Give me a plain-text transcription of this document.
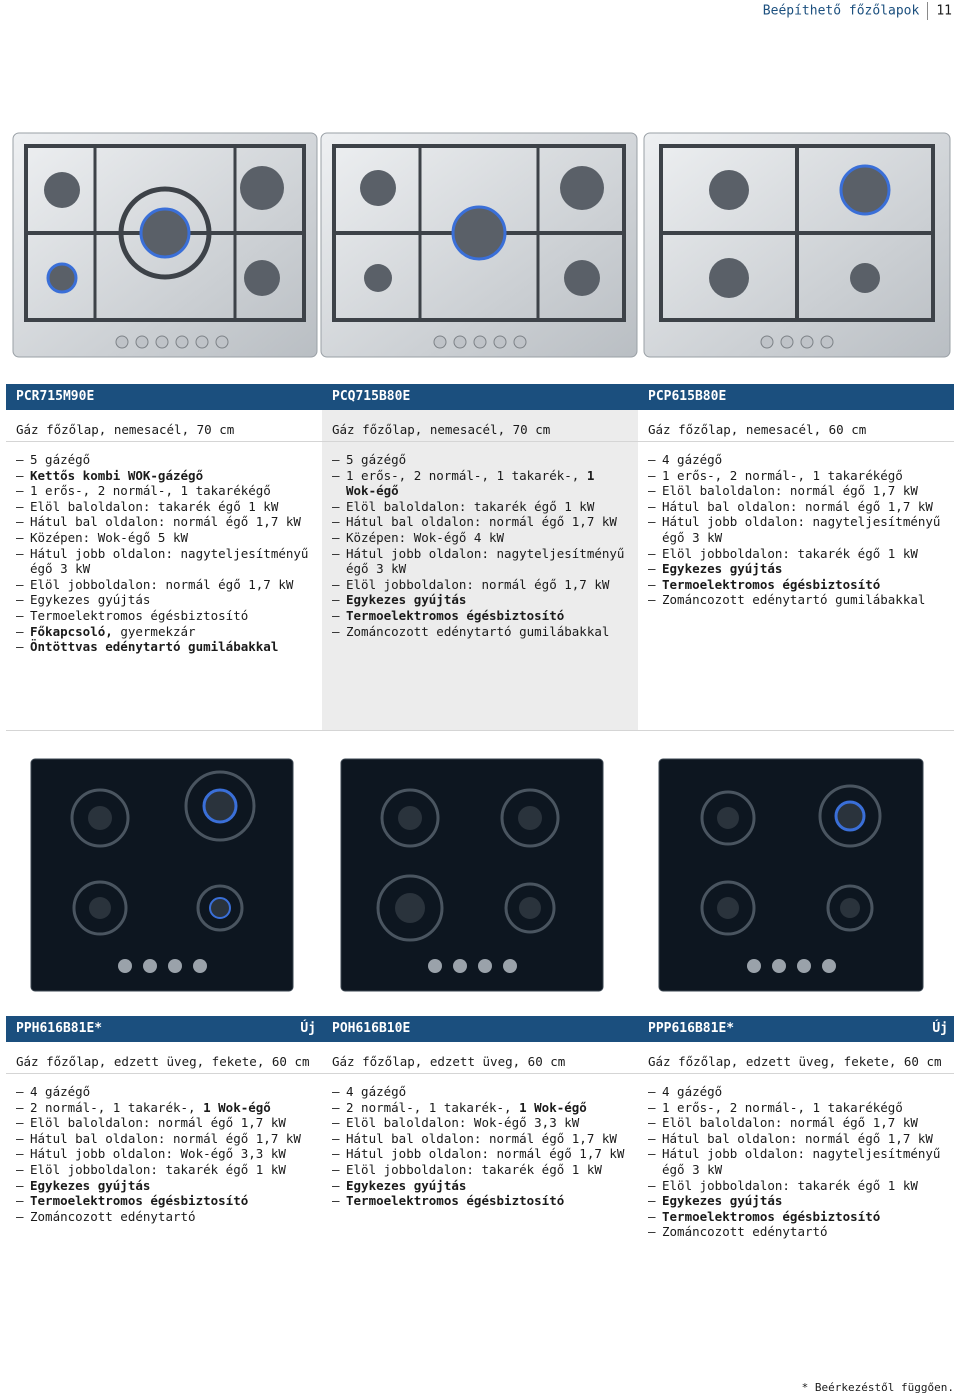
Beépíthető főzőlapok 11
PCR715M90E
Gáz főzőlap, nemesacél, 70 cm
– 5 gázégő
– Kettős kombi WOK-gázégő
– 1 erős-, 2 normál-, 1 takarékégő
– Elöl baloldalon: takarék égő 1 kW
– Hátul bal oldalon: normál égő 1,7 kW
– Középen: Wok-égő 5 kW
– Hátul jobb oldalon: nagyteljesítményű
égő 3 kW
– Elöl jobboldalon: normál égő 1,7 kW
– Egykezes gyújtás
– Termoelektromos égésbiztosító
– Főkapcsoló, gyermekzár
– Öntöttvas edénytartó gumilábakkal
PCQ715B80E
Gáz főzőlap, nemesacél, 70 cm
– 5 gázégő
– 1 erős-, 2 normál-, 1 takarék-, 1 Wok-égő
– Elöl baloldalon: takarék égő 1 kW
– Hátul bal oldalon: normál égő 1,7 kW
– Középen: Wok-égő 4 kW
– Hátul jobb oldalon: nagyteljesítményű
égő 3 kW
– Elöl jobboldalon: normál égő 1,7 kW
– Egykezes gyújtás
– Termoelektromos égésbiztosító
– Zománcozott edénytartó gumilábakkal
PCP615B80E
Gáz főzőlap, nemesacél, 60 cm
– 4 gázégő
– 1 erős-, 2 normál-, 1 takarékégő
– Elöl baloldalon: normál égő 1,7 kW
– Hátul bal oldalon: normál égő 1,7 kW
– Hátul jobb oldalon: nagyteljesítményű
égő 3 kW
– Elöl jobboldalon: takarék égő 1 kW
– Egykezes gyújtás
– Termoelektromos égésbiztosító
– Zománcozott edénytartó gumilábakkal
PPH616B81E*	Új
Gáz főzőlap, edzett üveg, fekete, 60 cm
– 4 gázégő
– 2 normál-, 1 takarék-, 1 Wok-égő
– Elöl baloldalon: normál égő 1,7 kW
– Hátul bal oldalon: normál égő 1,7 kW
– Hátul jobb oldalon: Wok-égő 3,3 kW
– Elöl jobboldalon: takarék égő 1 kW
– Egykezes gyújtás
– Termoelektromos égésbiztosító
– Zománcozott edénytartó
POH616B10E
Gáz főzőlap, edzett üveg, 60 cm
– 4 gázégő
– 2 normál-, 1 takarék-, 1 Wok-égő
– Elöl baloldalon: Wok-égő 3,3 kW
– Hátul bal oldalon: normál égő 1,7 kW
– Hátul jobb oldalon: normál égő 1,7 kW
– Elöl jobboldalon: takarék égő 1 kW
– Egykezes gyújtás
– Termoelektromos égésbiztosító
PPP616B81E*	Új
Gáz főzőlap, edzett üveg, fekete, 60 cm
– 4 gázégő
– 1 erős-, 2 normál-, 1 takarékégő
– Elöl baloldalon: normál égő 1,7 kW
– Hátul bal oldalon: normál égő 1,7 kW
– Hátul jobb oldalon: nagyteljesítményű
égő 3 kW
– Elöl jobboldalon: takarék égő 1 kW
– Egykezes gyújtás
– Termoelektromos égésbiztosító
– Zománcozott edénytartó
* Beérkezéstől függően.
